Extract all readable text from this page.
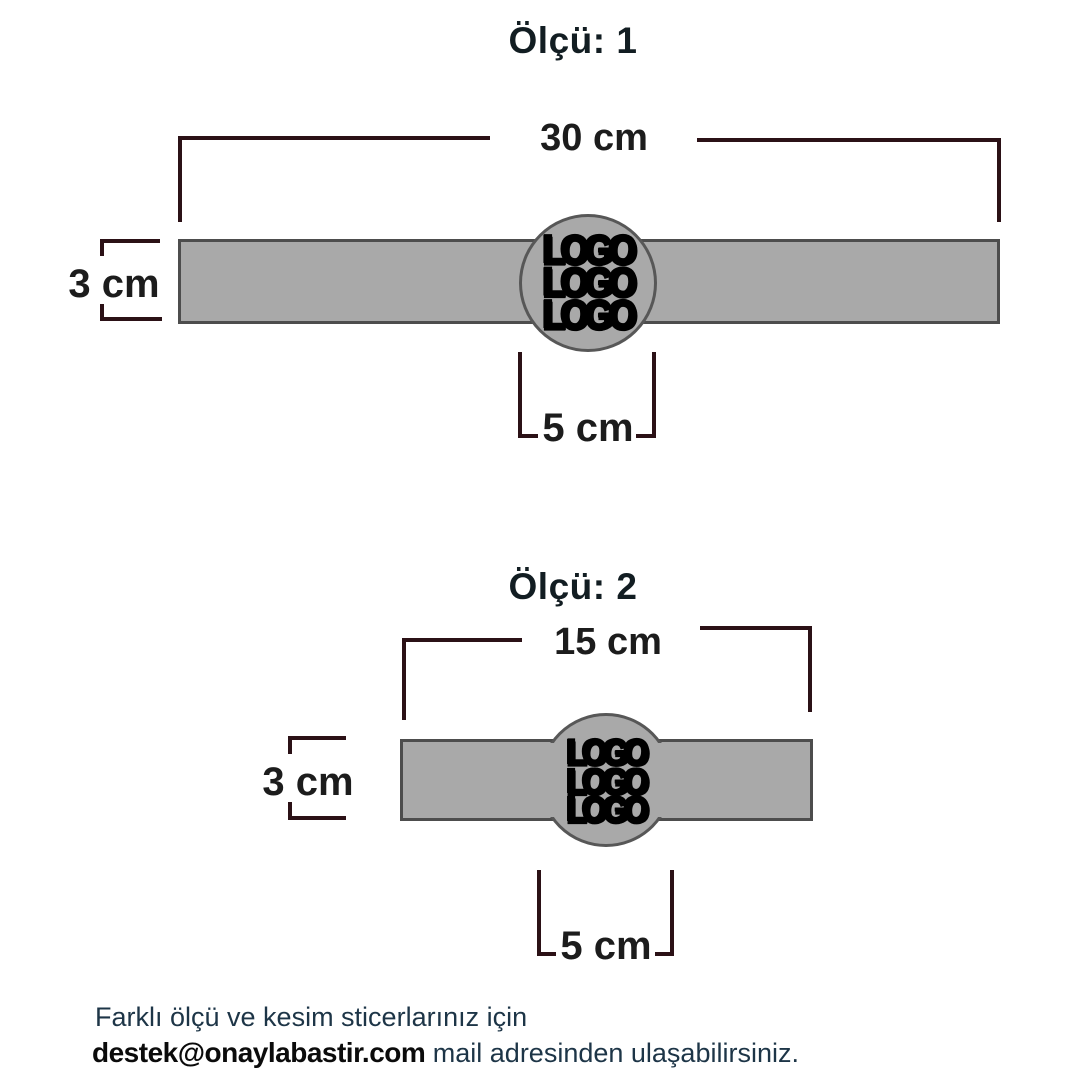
Ölçü: 1
30 cm
LOGO
LOGO
LOGO
3 cm
5 cm
Ölçü: 2
15 cm
LOGO
LOGO
LOGO
3 cm
5 cm
Farklı ölçü ve kesim sticerlarınız için
destek@onaylabastir.com mail adresinden ulaşabilirsiniz.
